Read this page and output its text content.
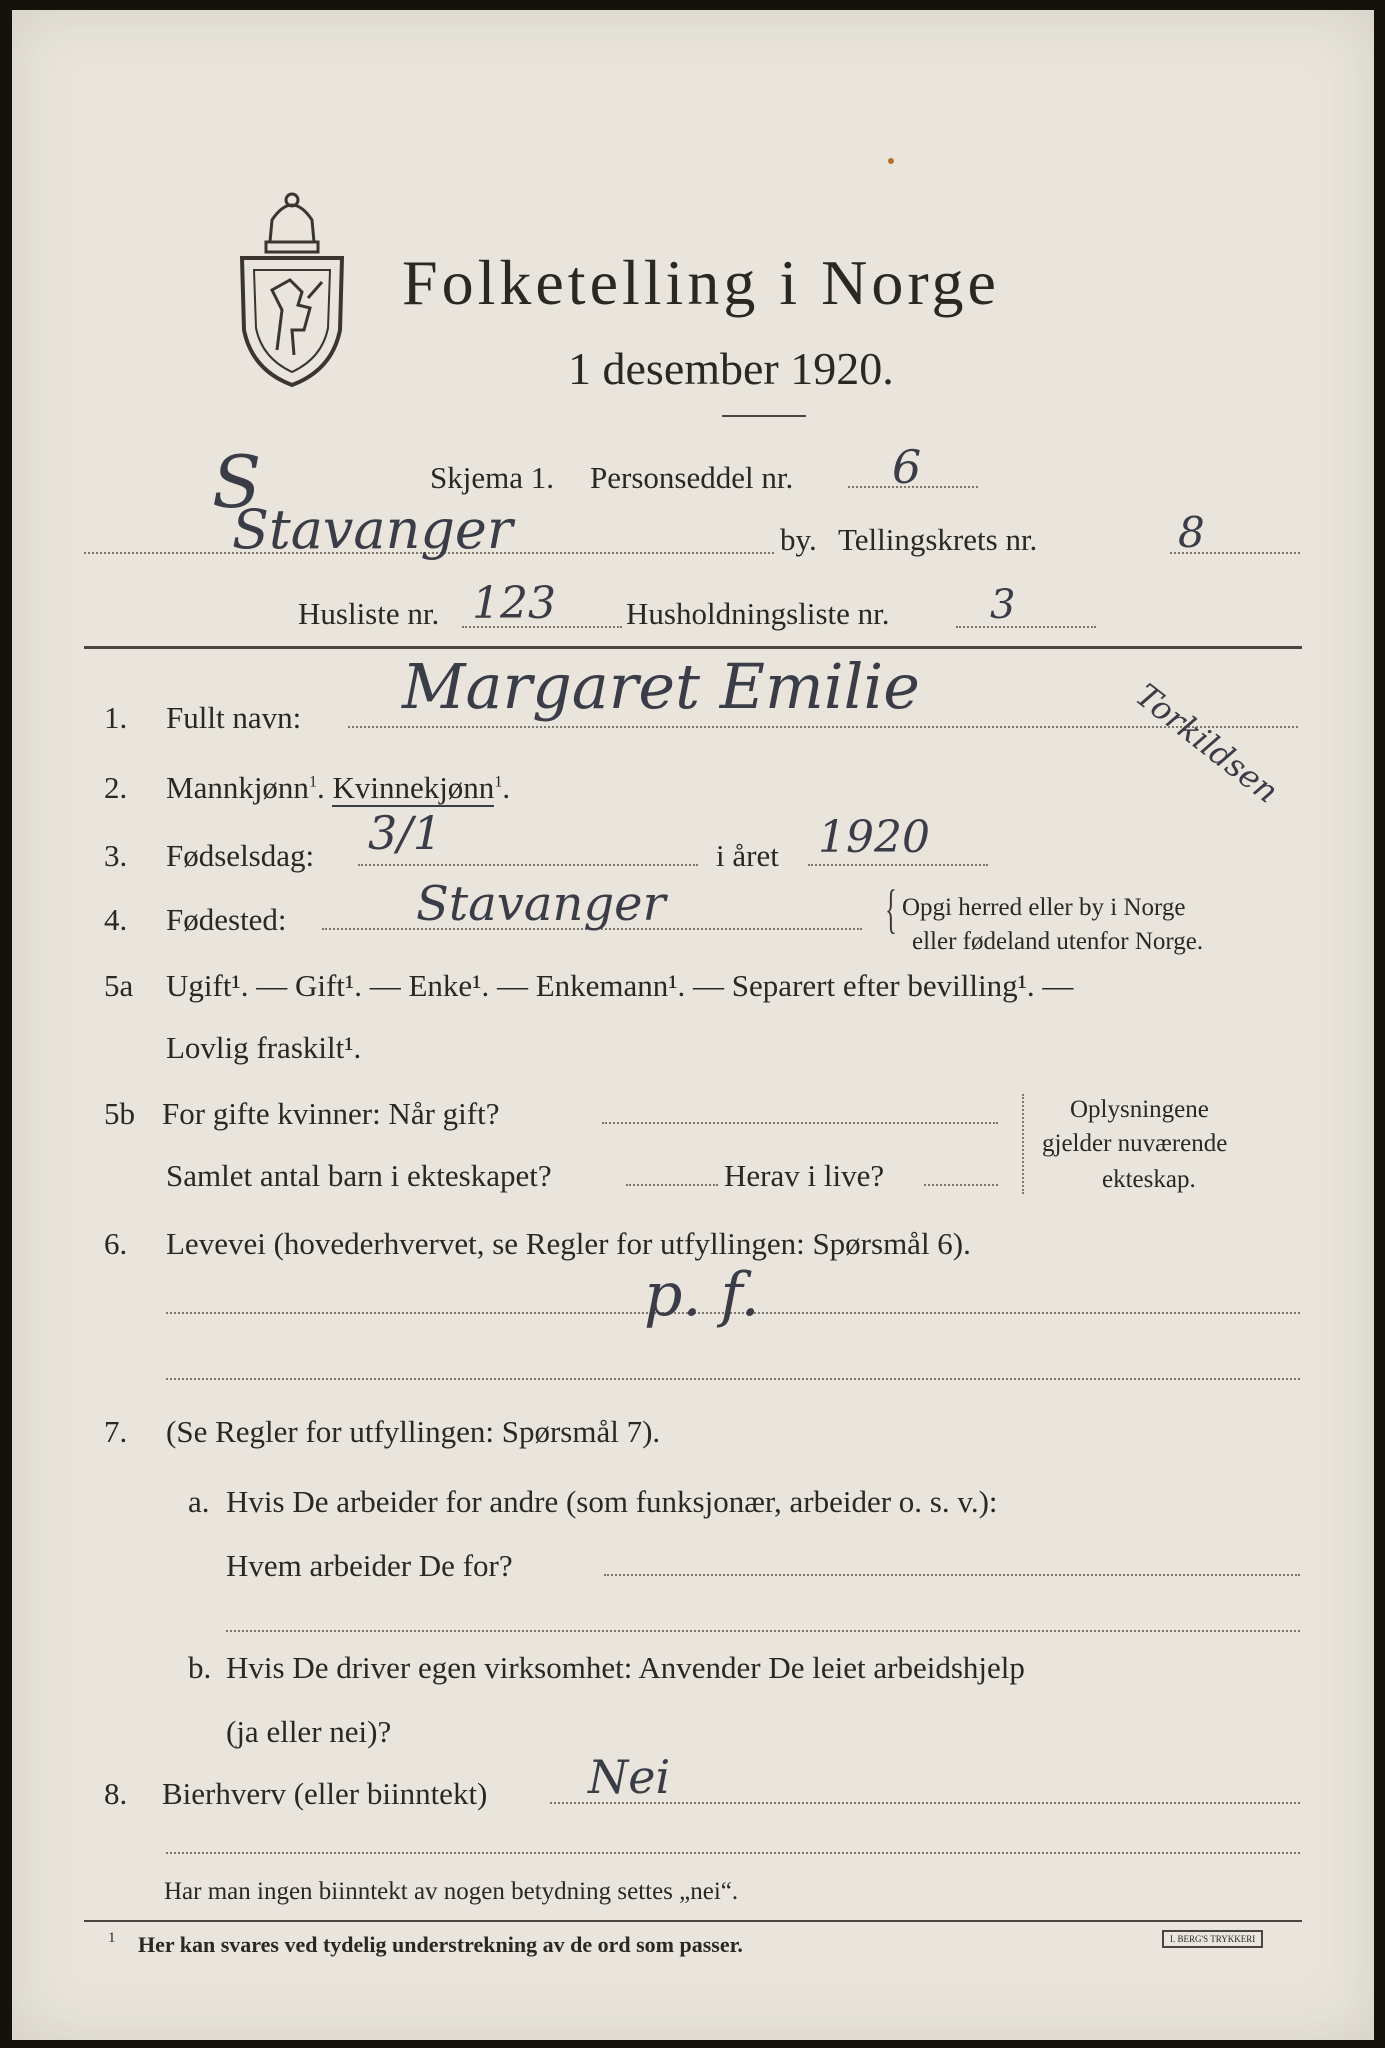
Folketelling i Norge
1 desember 1920.
S	Skjema 1. Personseddel nr. 6
Stavanger	by. Tellingskrets nr.	8
Husliste nr. 123 Husholdningsliste nr.	3
1. Fullt navn: Margaret Emilie	Torkildsen
2. Mannkjønn$^1$. Kvinnekjønn$^1$.
3. Fødselsdag: 3/1	i året 1920
4. Fødested:	Stavanger	{ Opgi herred eller by i Norge
eller fødeland utenfor Norge.
5a Ugift¹. — Gift¹. — Enke¹. — Enkemann¹. — Separert efter bevilling¹. —
Lovlig fraskilt¹.
5b For gifte kvinner: Når gift?
Samlet antal barn i ekteskapet?	Herav i live?
Oplysningene
gjelder nuværende
ekteskap.
6. Levevei (hovederhvervet, se Regler for utfyllingen: Spørsmål 6).
p. f.
7. (Se Regler for utfyllingen: Spørsmål 7).
a. Hvis De arbeider for andre (som funksjonær, arbeider o. s. v.):
Hvem arbeider De for?
b. Hvis De driver egen virksomhet: Anvender De leiet arbeidshjelp
(ja eller nei)?
8. Bierhverv (eller biinntekt) Nei
Har man ingen biinntekt av nogen betydning settes „nei“.
1 Her kan svares ved tydelig understrekning av de ord som passer.	I. BERG'S TRYKKERI
